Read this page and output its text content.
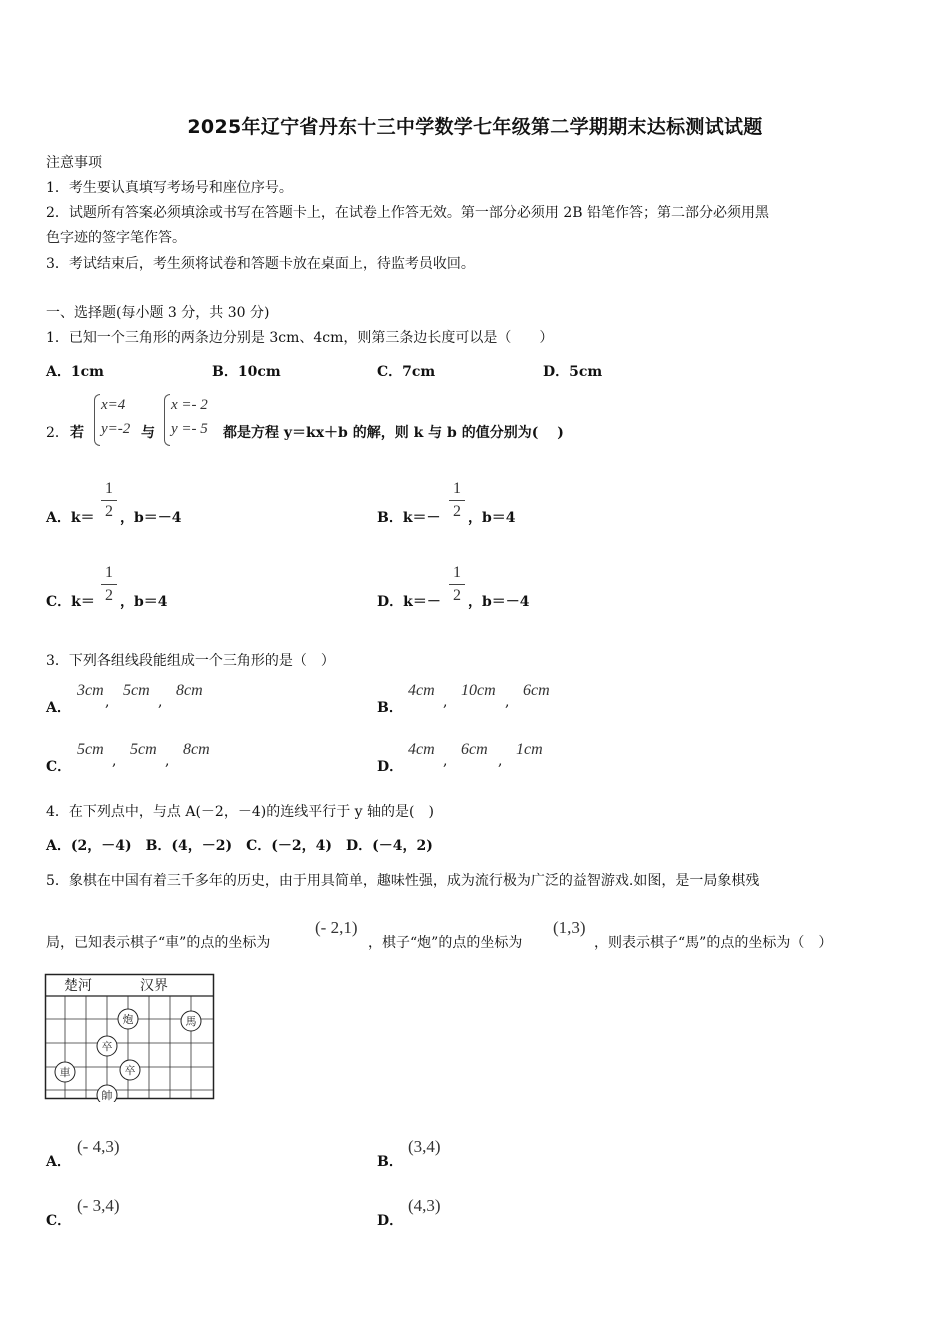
2025年辽宁省丹东十三中学数学七年级第二学期期末达标测试试题
注意事项
1．考生要认真填写考场号和座位序号。
2．试题所有答案必须填涂或书写在答题卡上，在试卷上作答无效。第一部分必须用 2B 铅笔作答；第二部分必须用黑
色字迹的签字笔作答。
3．考试结束后，考生须将试卷和答题卡放在桌面上，待监考员收回。
一、选择题(每小题 3 分，共 30 分)
1．已知一个三角形的两条边分别是 3cm、4cm，则第三条边长度可以是（　　）
A．1cm	B．10cm	C．7cm	D．5cm
2． 若
x=4
y=-2 与
x =- 2
y =- 5 都是方程 y＝kx＋b 的解，则 k 与 b 的值分别为(　 )
A．k＝
1
2 ，b＝－4	B．k＝－
1
2 ，b＝4
C．k＝
1
2 ，b＝4	D．k＝－
1
2 ，b＝－4
3．下列各组线段能组成一个三角形的是（　）
A．
3cm
,
5cm
,
8cm
B．
4cm
,
10cm
,
6cm
C．
5cm
,
5cm
,
8cm
D．
4cm
,
6cm
,
1cm
4．在下列点中，与点 A(－2，－4)的连线平行于 y 轴的是(　)
A．(2，－4)　B．(4，－2)　C．(－2，4)　D．(－4，2)
5．象棋在中国有着三千多年的历史，由于用具简单，趣味性强，成为流行极为广泛的益智游戏.如图，是一局象棋残
局，已知表示棋子“車”的点的坐标为
(- 2,1)
，棋子“炮”的点的坐标为
(1,3)
，则表示棋子“馬”的点的坐标为（　）
楚河	汉界
炮	馬
卒
車	卒
帥
A．
(- 4,3)
B．
(3,4)
C．
(- 3,4)
D．
(4,3)
